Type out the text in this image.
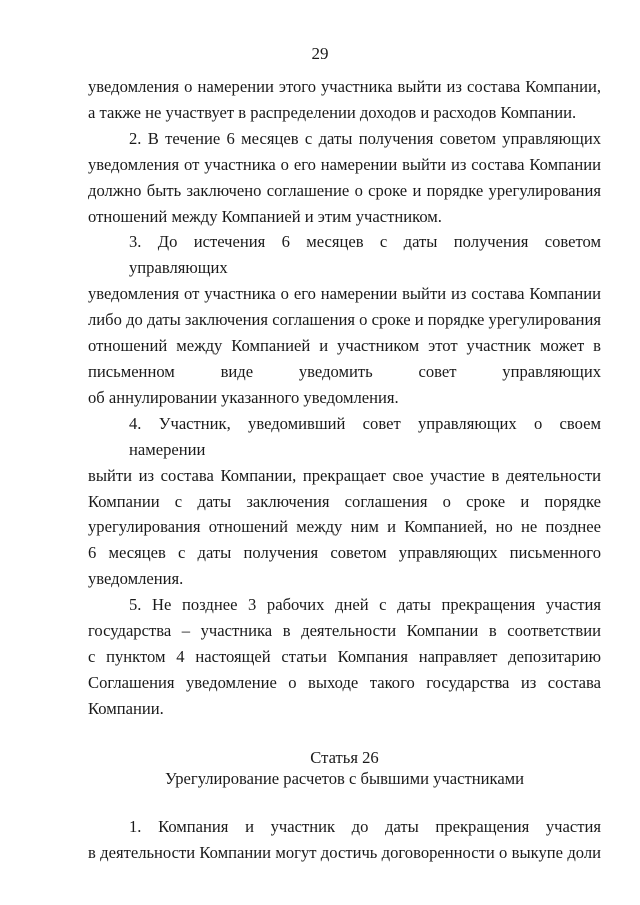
29
уведомления о намерении этого участника выйти из состава Компании,
а также не участвует в распределении доходов и расходов Компании.
2. В течение 6 месяцев с даты получения советом управляющих
уведомления от участника о его намерении выйти из состава Компании
должно быть заключено соглашение о сроке и порядке урегулирования
отношений между Компанией и этим участником.
3. До истечения 6 месяцев с даты получения советом управляющих
уведомления от участника о его намерении выйти из состава Компании
либо до даты заключения соглашения о сроке и порядке урегулирования
отношений между Компанией и участником этот участник может в
письменном виде уведомить совет управляющих
об аннулировании указанного уведомления.
4. Участник, уведомивший совет управляющих о своем намерении
выйти из состава Компании, прекращает свое участие в деятельности
Компании с даты заключения соглашения о сроке и порядке
урегулирования отношений между ним и Компанией, но не позднее
6 месяцев с даты получения советом управляющих письменного
уведомления.
5. Не позднее 3 рабочих дней с даты прекращения участия
государства – участника в деятельности Компании в соответствии
с пунктом 4 настоящей статьи Компания направляет депозитарию
Соглашения уведомление о выходе такого государства из состава
Компании.
Статья 26
Урегулирование расчетов с бывшими участниками
1. Компания и участник до даты прекращения участия
в деятельности Компании могут достичь договоренности о выкупе доли
